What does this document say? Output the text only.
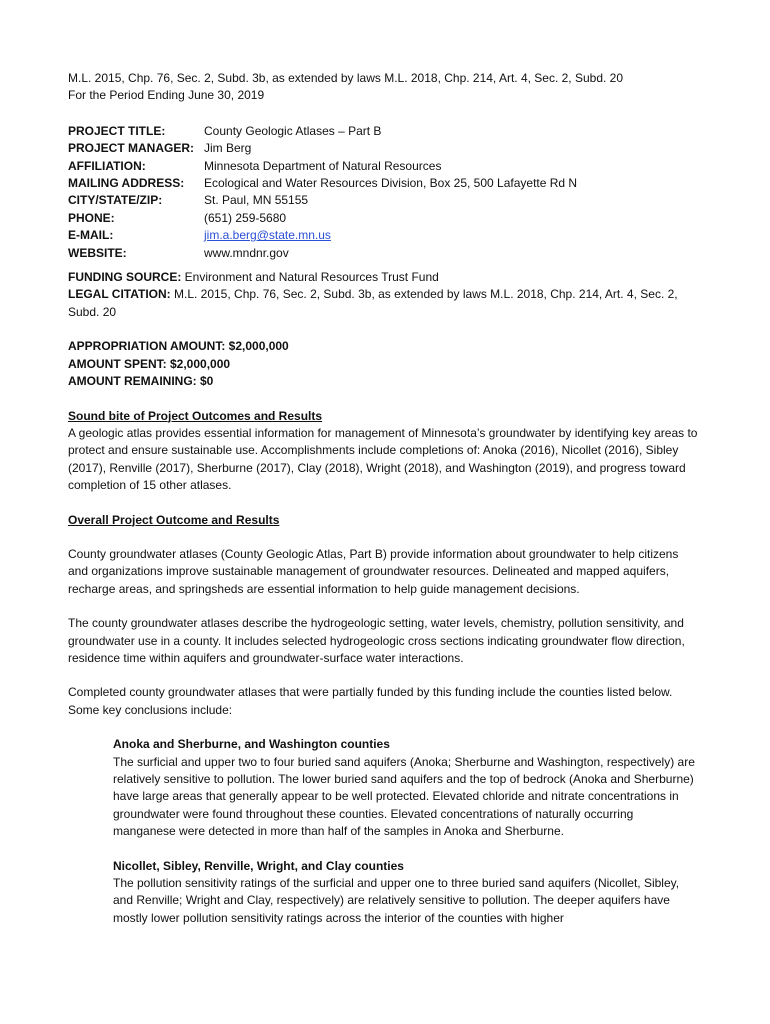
M.L. 2015, Chp. 76, Sec. 2, Subd. 3b, as extended by laws M.L. 2018, Chp. 214, Art. 4, Sec. 2, Subd. 20

For the Period Ending June 30, 2019

PROJECT TITLE:	County Geologic Atlases – Part B
PROJECT MANAGER:	Jim Berg
AFFILIATION:	Minnesota Department of Natural Resources
MAILING ADDRESS:	Ecological and Water Resources Division, Box 25, 500 Lafayette Rd N
CITY/STATE/ZIP:	St. Paul, MN 55155
PHONE:	(651) 259-5680
E-MAIL:	jim.a.berg@state.mn.us
WEBSITE:	www.mndnr.gov

FUNDING SOURCE: Environment and Natural Resources Trust Fund

LEGAL CITATION: M.L. 2015, Chp. 76, Sec. 2, Subd. 3b, as extended by laws M.L. 2018, Chp. 214, Art. 4, Sec. 2, Subd. 20

APPROPRIATION AMOUNT: $2,000,000

AMOUNT SPENT: $2,000,000

AMOUNT REMAINING: $0

Sound bite of Project Outcomes and Results

A geologic atlas provides essential information for management of Minnesota’s groundwater by identifying key areas to protect and ensure sustainable use. Accomplishments include completions of: Anoka (2016), Nicollet (2016), Sibley (2017), Renville (2017), Sherburne (2017), Clay (2018), Wright (2018), and Washington (2019), and progress toward completion of 15 other atlases.

Overall Project Outcome and Results

County groundwater atlases (County Geologic Atlas, Part B) provide information about groundwater to help citizens and organizations improve sustainable management of groundwater resources. Delineated and mapped aquifers, recharge areas, and springsheds are essential information to help guide management decisions.

The county groundwater atlases describe the hydrogeologic setting, water levels, chemistry, pollution sensitivity, and groundwater use in a county. It includes selected hydrogeologic cross sections indicating groundwater flow direction, residence time within aquifers and groundwater-surface water interactions.

Completed county groundwater atlases that were partially funded by this funding include the counties listed below. Some key conclusions include:

Anoka and Sherburne, and Washington counties

The surficial and upper two to four buried sand aquifers (Anoka; Sherburne and Washington, respectively) are relatively sensitive to pollution. The lower buried sand aquifers and the top of bedrock (Anoka and Sherburne) have large areas that generally appear to be well protected. Elevated chloride and nitrate concentrations in groundwater were found throughout these counties. Elevated concentrations of naturally occurring manganese were detected in more than half of the samples in Anoka and Sherburne.

Nicollet, Sibley, Renville, Wright, and Clay counties

The pollution sensitivity ratings of the surficial and upper one to three buried sand aquifers (Nicollet, Sibley, and Renville; Wright and Clay, respectively) are relatively sensitive to pollution. The deeper aquifers have mostly lower pollution sensitivity ratings across the interior of the counties with higher
